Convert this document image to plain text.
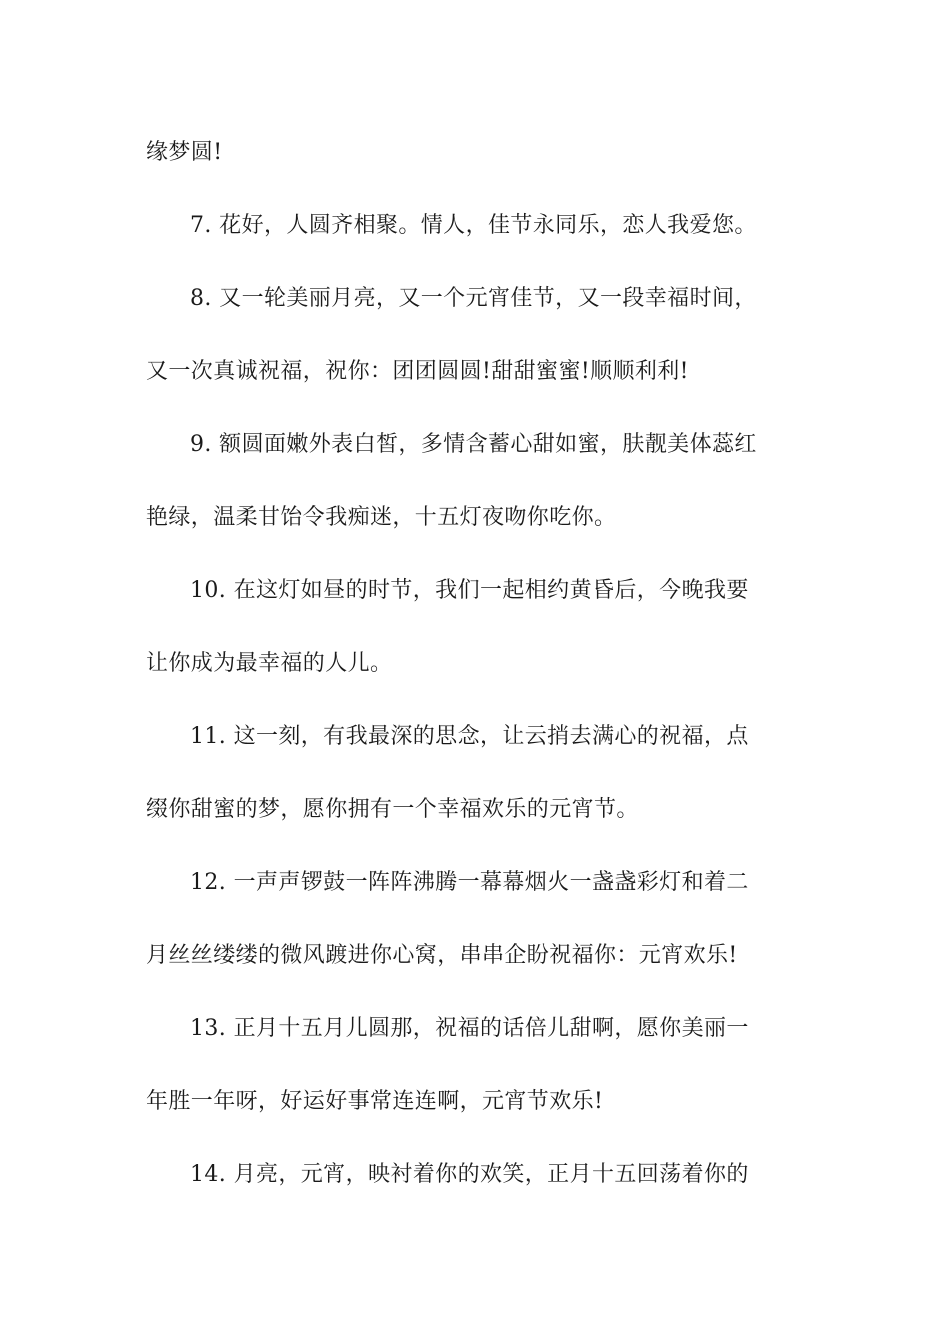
缘梦圆!
7. 花好，人圆齐相聚。情人，佳节永同乐，恋人我爱您。
8. 又一轮美丽月亮，又一个元宵佳节，又一段幸福时间，
又一次真诚祝福，祝你：团团圆圆!甜甜蜜蜜!顺顺利利!
9. 额圆面嫩外表白皙，多情含蓄心甜如蜜，肤靓美体蕊红
艳绿，温柔甘饴令我痴迷，十五灯夜吻你吃你。
10. 在这灯如昼的时节，我们一起相约黄昏后，今晚我要
让你成为最幸福的人儿。
11. 这一刻，有我最深的思念，让云捎去满心的祝福，点
缀你甜蜜的梦，愿你拥有一个幸福欢乐的元宵节。
12. 一声声锣鼓一阵阵沸腾一幕幕烟火一盏盏彩灯和着二
月丝丝缕缕的微风踱进你心窝，串串企盼祝福你：元宵欢乐!
13. 正月十五月儿圆那，祝福的话倍儿甜啊，愿你美丽一
年胜一年呀，好运好事常连连啊，元宵节欢乐!
14. 月亮，元宵，映衬着你的欢笑，正月十五回荡着你的
